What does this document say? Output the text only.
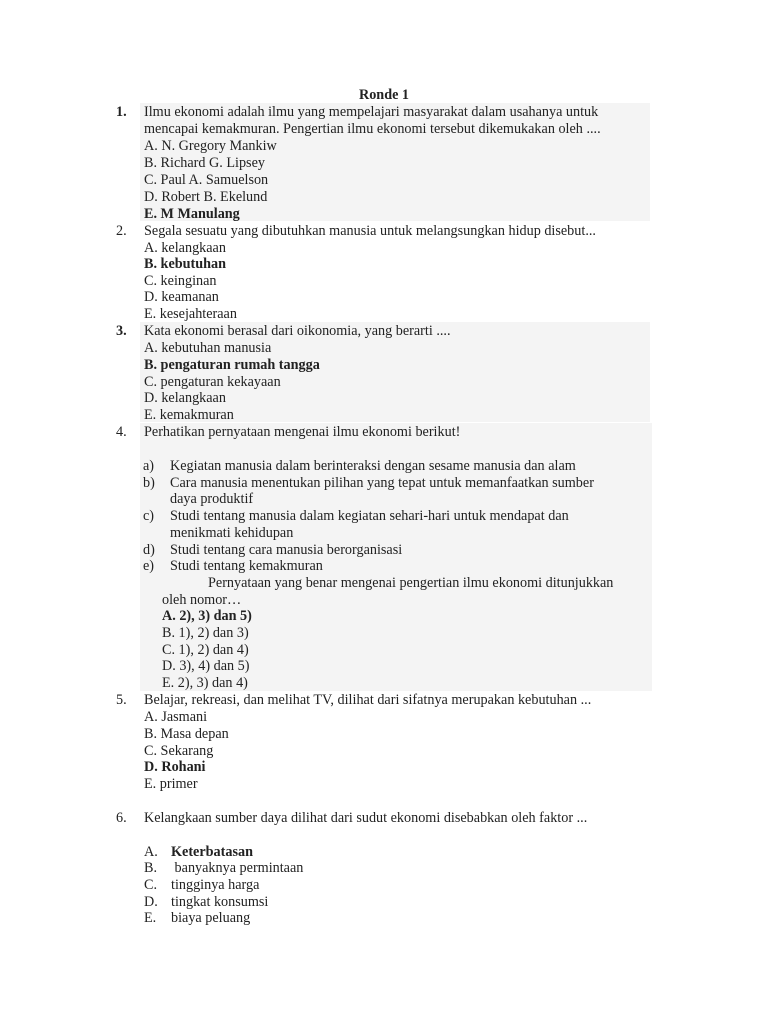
Ronde 1
1.	Ilmu ekonomi adalah ilmu yang mempelajari masyarakat dalam usahanya untuk
mencapai kemakmuran. Pengertian ilmu ekonomi tersebut dikemukakan oleh ....
A. N. Gregory Mankiw
B. Richard G. Lipsey
C. Paul A. Samuelson
D. Robert B. Ekelund
E. M Manulang
2.	Segala sesuatu yang dibutuhkan manusia untuk melangsungkan hidup disebut...
A. kelangkaan
B. kebutuhan
C. keinginan
D. keamanan
E. kesejahteraan
3.	Kata ekonomi berasal dari oikonomia, yang berarti ....
A. kebutuhan manusia
B. pengaturan rumah tangga
C. pengaturan kekayaan
D. kelangkaan
E. kemakmuran
4.	Perhatikan pernyataan mengenai ilmu ekonomi berikut!
a)	Kegiatan manusia dalam berinteraksi dengan sesame manusia dan alam
b)	Cara manusia menentukan pilihan yang tepat untuk memanfaatkan sumber
daya produktif
c)	Studi tentang manusia dalam kegiatan sehari-hari untuk mendapat dan
menikmati kehidupan
d)	Studi tentang cara manusia berorganisasi
e)	Studi tentang kemakmuran
Pernyataan yang benar mengenai pengertian ilmu ekonomi ditunjukkan
oleh nomor…
A. 2), 3) dan 5)
B. 1), 2) dan 3)
C. 1), 2) dan 4)
D. 3), 4) dan 5)
E. 2), 3) dan 4)
5.	Belajar, rekreasi, dan melihat TV, dilihat dari sifatnya merupakan kebutuhan ...
A. Jasmani
B. Masa depan
C. Sekarang
D. Rohani
E. primer
6.	Kelangkaan sumber daya dilihat dari sudut ekonomi disebabkan oleh faktor ...
A. Keterbatasan
B. banyaknya permintaan
C. tingginya harga
D. tingkat konsumsi
E.	biaya peluang
